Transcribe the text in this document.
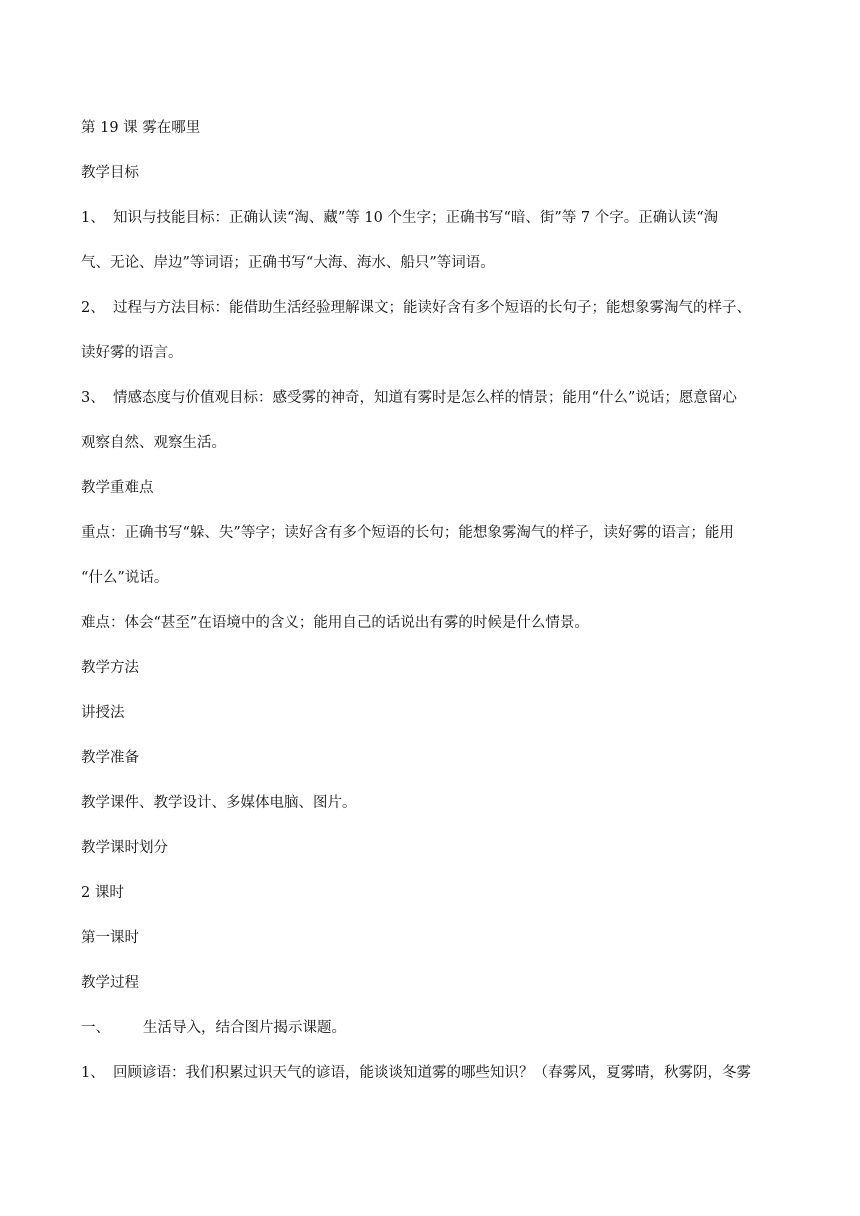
第 19 课 雾在哪里
教学目标
1、 知识与技能目标：正确认读“淘、藏”等 10 个生字；正确书写“暗、街”等 7 个字。正确认读“淘
气、无论、岸边”等词语；正确书写“大海、海水、船只”等词语。
2、 过程与方法目标：能借助生活经验理解课文；能读好含有多个短语的长句子；能想象雾淘气的样子、
读好雾的语言。
3、 情感态度与价值观目标：感受雾的神奇，知道有雾时是怎么样的情景；能用“什么”说话；愿意留心
观察自然、观察生活。
教学重难点
重点：正确书写“躲、失”等字；读好含有多个短语的长句；能想象雾淘气的样子，读好雾的语言；能用
“什么”说话。
难点：体会“甚至”在语境中的含义；能用自己的话说出有雾的时候是什么情景。
教学方法
讲授法
教学准备
教学课件、教学设计、多媒体电脑、图片。
教学课时划分
2 课时
第一课时
教学过程
一、 生活导入，结合图片揭示课题。
1、 回顾谚语：我们积累过识天气的谚语，能谈谈知道雾的哪些知识？（春雾风，夏雾晴，秋雾阴，冬雾
